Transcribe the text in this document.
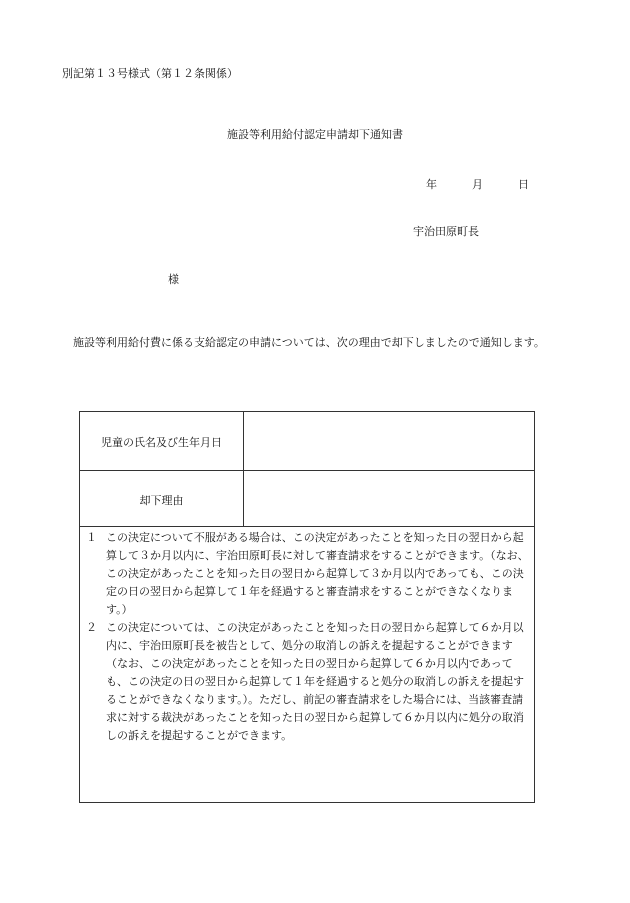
別記第１３号様式（第１２条関係）
施設等利用給付認定申請却下通知書
年	月	日
宇治田原町長
様
施設等利用給付費に係る支給認定の申請については、次の理由で却下しましたので通知します。
児童の氏名及び生年月日
却下理由
１ この決定について不服がある場合は、この決定があったことを知った日の翌日から起算して３か月以内に、宇治田原町長に対して審査請求をすることができます。（なお、この決定があったことを知った日の翌日から起算して３か月以内であっても、この決定の日の翌日から起算して１年を経過すると審査請求をすることができなくなります。）
２ この決定については、この決定があったことを知った日の翌日から起算して６か月以内に、宇治田原町長を被告として、処分の取消しの訴えを提起することができます（なお、この決定があったことを知った日の翌日から起算して６か月以内であっても、この決定の日の翌日から起算して１年を経過すると処分の取消しの訴えを提起することができなくなります。）。ただし、前記の審査請求をした場合には、当該審査請求に対する裁決があったことを知った日の翌日から起算して６か月以内に処分の取消しの訴えを提起することができます。
